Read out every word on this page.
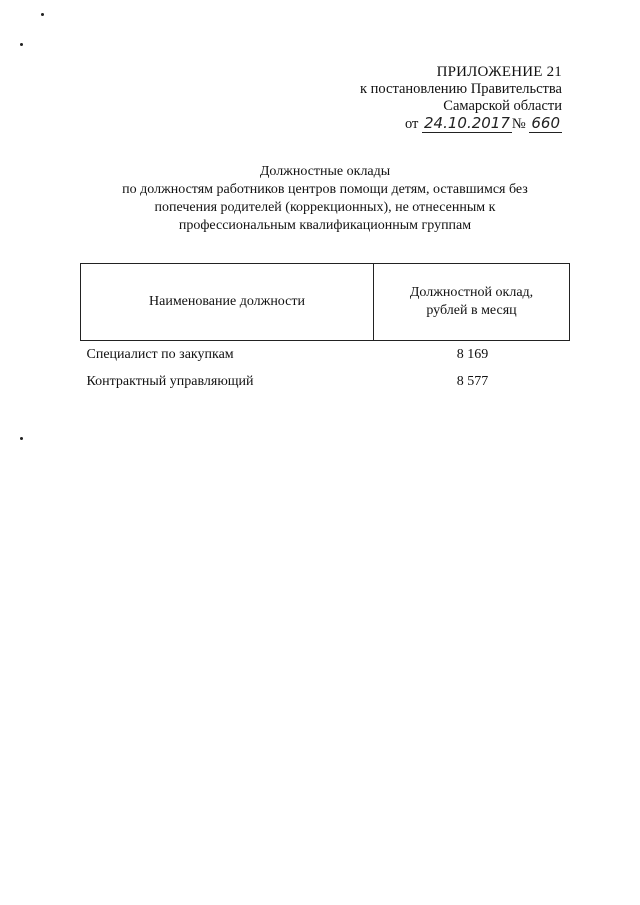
ПРИЛОЖЕНИЕ 21
к постановлению Правительства
Самарской области
от 24.10.2017 № 660
Должностные оклады
по должностям работников центров помощи детям, оставшимся без
попечения родителей (коррекционных), не отнесенным к
профессиональным квалификационным группам
Наименование должности	Должностной оклад,
рублей в месяц

Специалист по закупкам	8 169
Контрактный управляющий	8 577
